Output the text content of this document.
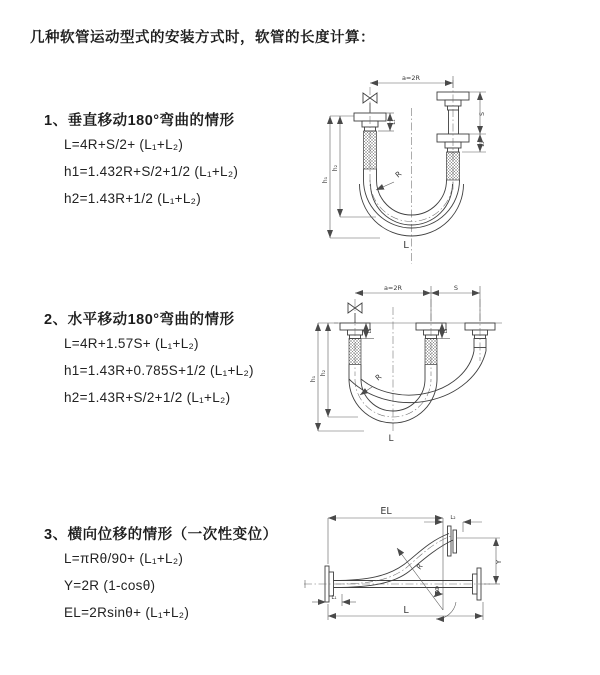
几种软管运动型式的安装方式时，软管的长度计算：
1、垂直移动180°弯曲的情形
L=4R+S/2+ (L₁+L₂)
h1=1.432R+S/2+1/2 (L₁+L₂)
h2=1.43R+1/2 (L₁+L₂)
2、水平移动180°弯曲的情形
L=4R+1.57S+ (L₁+L₂)
h1=1.43R+0.785S+1/2 (L₁+L₂)
h2=1.43R+S/2+1/2 (L₁+L₂)
3、横向位移的情形（一次性变位）
L=πRθ/90+ (L₁+L₂)
Y=2R (1-cosθ)
EL=2Rsinθ+ (L₁+L₂)
a=2R
R
h₁
h₂
L₁
S
L₂
L
a=2R	S
R
h₁
h₂
L₁	L₂
L
EL
L₂
R
θ
Y
L₁
L
